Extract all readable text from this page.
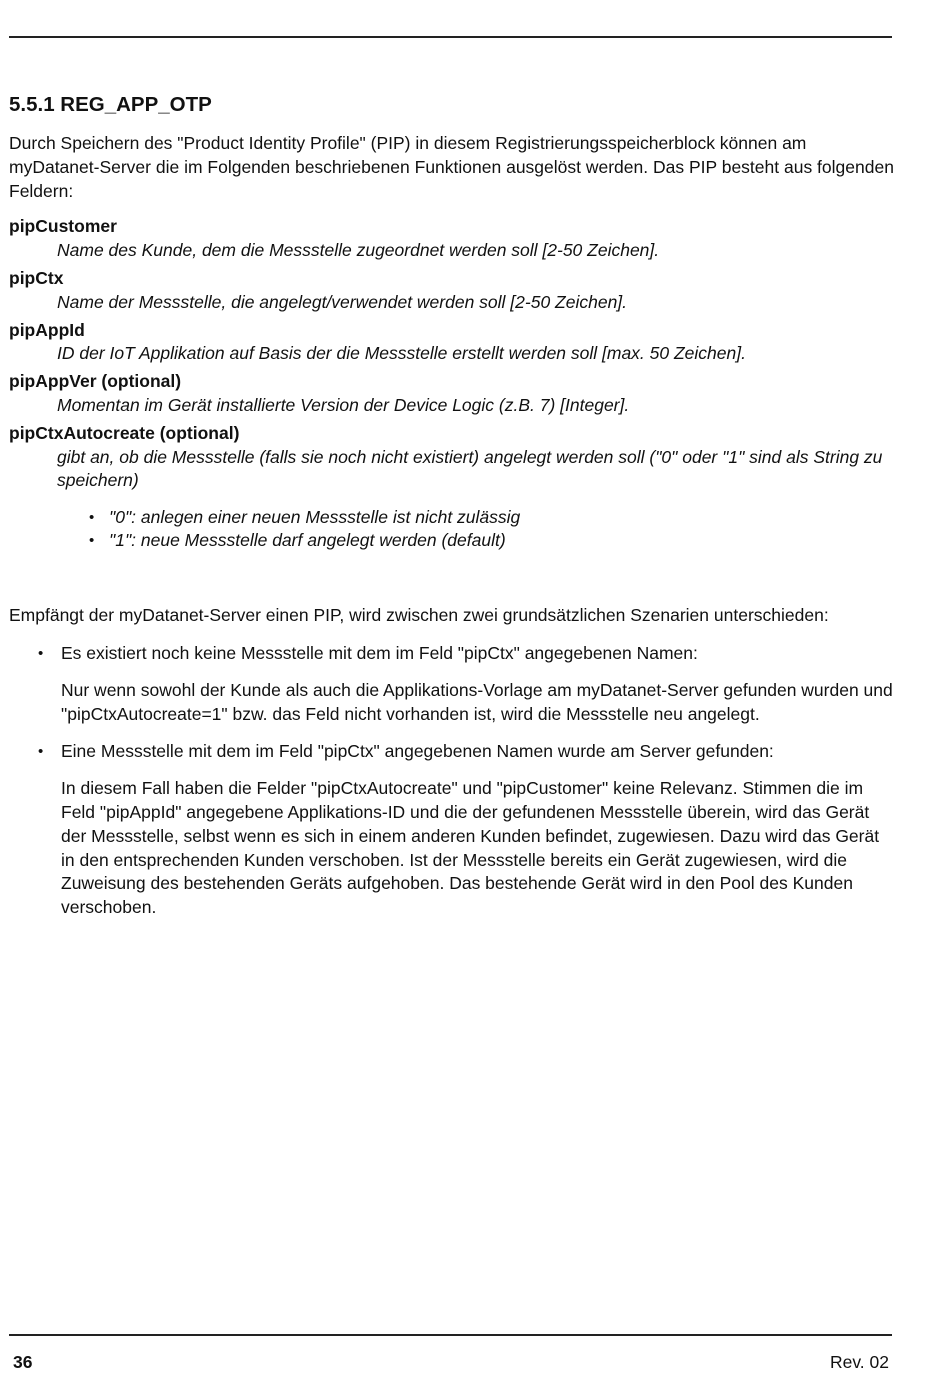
5.5.1 REG_APP_OTP

Durch Speichern des "Product Identity Profile" (PIP) in diesem Registrierungsspeicherblock können am myDatanet-Server die im Folgenden beschriebenen Funktionen ausgelöst werden. Das PIP besteht aus folgenden Feldern:

pipCustomer

Name des Kunde, dem die Messstelle zugeordnet werden soll [2-50 Zeichen].

pipCtx

Name der Messstelle, die angelegt/verwendet werden soll [2-50 Zeichen].

pipAppId

ID der IoT Applikation auf Basis der die Messstelle erstellt werden soll [max. 50 Zeichen].

pipAppVer (optional)

Momentan im Gerät installierte Version der Device Logic (z.B. 7) [Integer].

pipCtxAutocreate (optional)

gibt an, ob die Messstelle (falls sie noch nicht existiert) angelegt werden soll ("0" oder "1" sind als String zu speichern)

• "0": anlegen einer neuen Messstelle ist nicht zulässig
• "1": neue Messstelle darf angelegt werden (default)

Empfängt der myDatanet-Server einen PIP, wird zwischen zwei grundsätzlichen Szenarien unterschieden:

• Es existiert noch keine Messstelle mit dem im Feld "pipCtx" angegebenen Namen:

Nur wenn sowohl der Kunde als auch die Applikations-Vorlage am myDatanet-Server gefunden wurden und "pipCtxAutocreate=1" bzw. das Feld nicht vorhanden ist, wird die Messstelle neu angelegt.

• Eine Messstelle mit dem im Feld "pipCtx" angegebenen Namen wurde am Server gefunden:

In diesem Fall haben die Felder "pipCtxAutocreate" und "pipCustomer" keine Relevanz. Stimmen die im Feld "pipAppId" angegebene Applikations-ID und die der gefundenen Messstelle überein, wird das Gerät der Messstelle, selbst wenn es sich in einem anderen Kunden befindet, zugewiesen. Dazu wird das Gerät in den entsprechenden Kunden verschoben. Ist der Messstelle bereits ein Gerät zugewiesen, wird die Zuweisung des bestehenden Geräts aufgehoben. Das bestehende Gerät wird in den Pool des Kunden verschoben.

36	Rev. 02
